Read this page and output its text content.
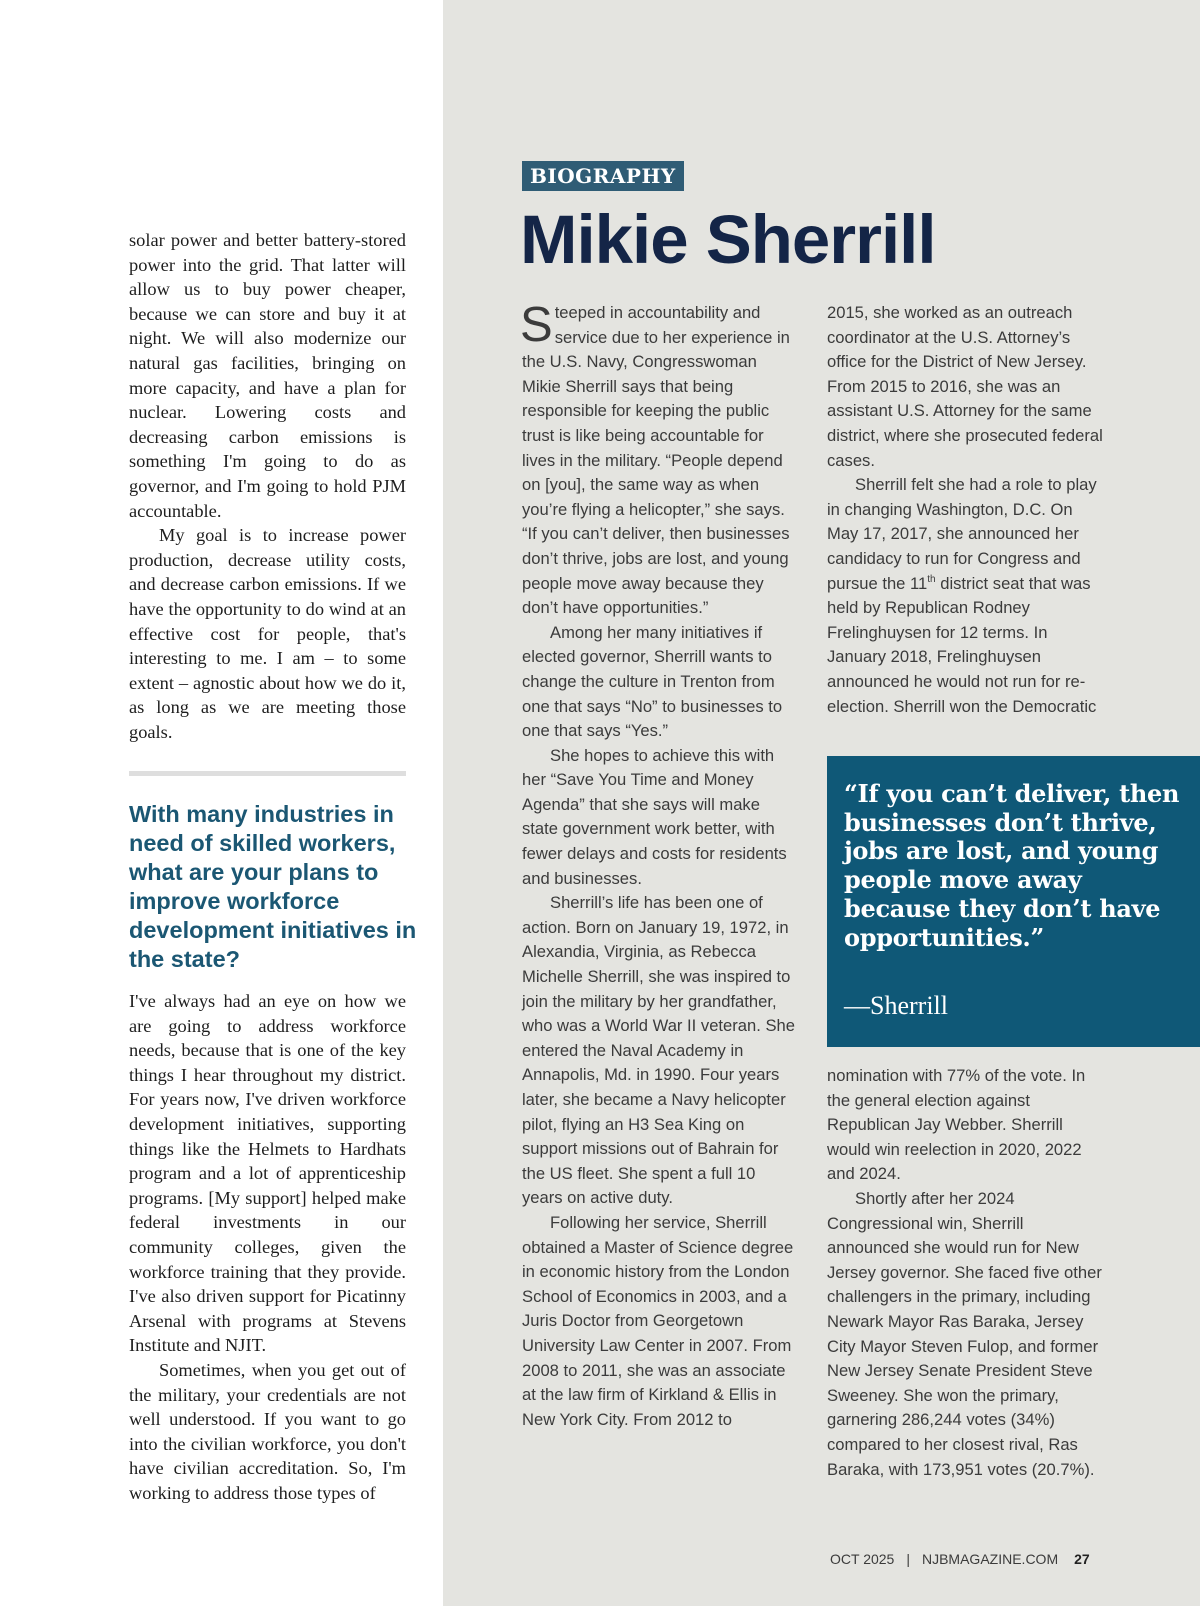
solar power and better battery-stored power into the grid. That latter will allow us to buy power cheaper, because we can store and buy it at night. We will also modernize our natural gas facilities, bringing on more capacity, and have a plan for nuclear. Lowering costs and decreasing carbon emissions is something I'm going to do as governor, and I'm going to hold PJM accountable.

My goal is to increase power production, decrease utility costs, and decrease carbon emissions. If we have the opportunity to do wind at an effective cost for people, that's interesting to me. I am – to some extent – agnostic about how we do it, as long as we are meeting those goals.

With many industries in need of skilled workers, what are your plans to improve workforce development initiatives in the state?

I've always had an eye on how we are going to address workforce needs, because that is one of the key things I hear throughout my district. For years now, I've driven workforce development initiatives, supporting things like the Helmets to Hardhats program and a lot of apprenticeship programs. [My support] helped make federal investments in our community colleges, given the workforce training that they provide. I've also driven support for Picatinny Arsenal with programs at Stevens Institute and NJIT.

Sometimes, when you get out of the military, your credentials are not well understood. If you want to go into the civilian workforce, you don't have civilian accreditation. So, I'm working to address those types of

BIOGRAPHY
Mikie Sherrill

Steeped in accountability and service due to her experience in the U.S. Navy, Congresswoman Mikie Sherrill says that being responsible for keeping the public trust is like being accountable for lives in the military. “People depend on [you], the same way as when you’re flying a helicopter,” she says. “If you can’t deliver, then businesses don’t thrive, jobs are lost, and young people move away because they don’t have opportunities.”

Among her many initiatives if elected governor, Sherrill wants to change the culture in Trenton from one that says “No” to businesses to one that says “Yes.”

She hopes to achieve this with her “Save You Time and Money Agenda” that she says will make state government work better, with fewer delays and costs for residents and businesses.

Sherrill’s life has been one of action. Born on January 19, 1972, in Alexandia, Virginia, as Rebecca Michelle Sherrill, she was inspired to join the military by her grandfather, who was a World War II veteran. She entered the Naval Academy in Annapolis, Md. in 1990. Four years later, she became a Navy helicopter pilot, flying an H3 Sea King on support missions out of Bahrain for the US fleet. She spent a full 10 years on active duty.

Following her service, Sherrill obtained a Master of Science degree in economic history from the London School of Economics in 2003, and a Juris Doctor from Georgetown University Law Center in 2007. From 2008 to 2011, she was an associate at the law firm of Kirkland & Ellis in New York City. From 2012 to

2015, she worked as an outreach coordinator at the U.S. Attorney’s office for the District of New Jersey. From 2015 to 2016, she was an assistant U.S. Attorney for the same district, where she prosecuted federal cases.

Sherrill felt she had a role to play in changing Washington, D.C. On May 17, 2017, she announced her candidacy to run for Congress and pursue the 11th district seat that was held by Republican Rodney Frelinghuysen for 12 terms. In January 2018, Frelinghuysen announced he would not run for re-election. Sherrill won the Democratic

“If you can’t deliver, then businesses don’t thrive, jobs are lost, and young people move away because they don’t have opportunities.”
—Sherrill

nomination with 77% of the vote. In the general election against Republican Jay Webber. Sherrill would win reelection in 2020, 2022 and 2024.

Shortly after her 2024 Congressional win, Sherrill announced she would run for New Jersey governor. She faced five other challengers in the primary, including Newark Mayor Ras Baraka, Jersey City Mayor Steven Fulop, and former New Jersey Senate President Steve Sweeney. She won the primary, garnering 286,244 votes (34%) compared to her closest rival, Ras Baraka, with 173,951 votes (20.7%).

OCT 2025 | NJBMAGAZINE.COM 27
